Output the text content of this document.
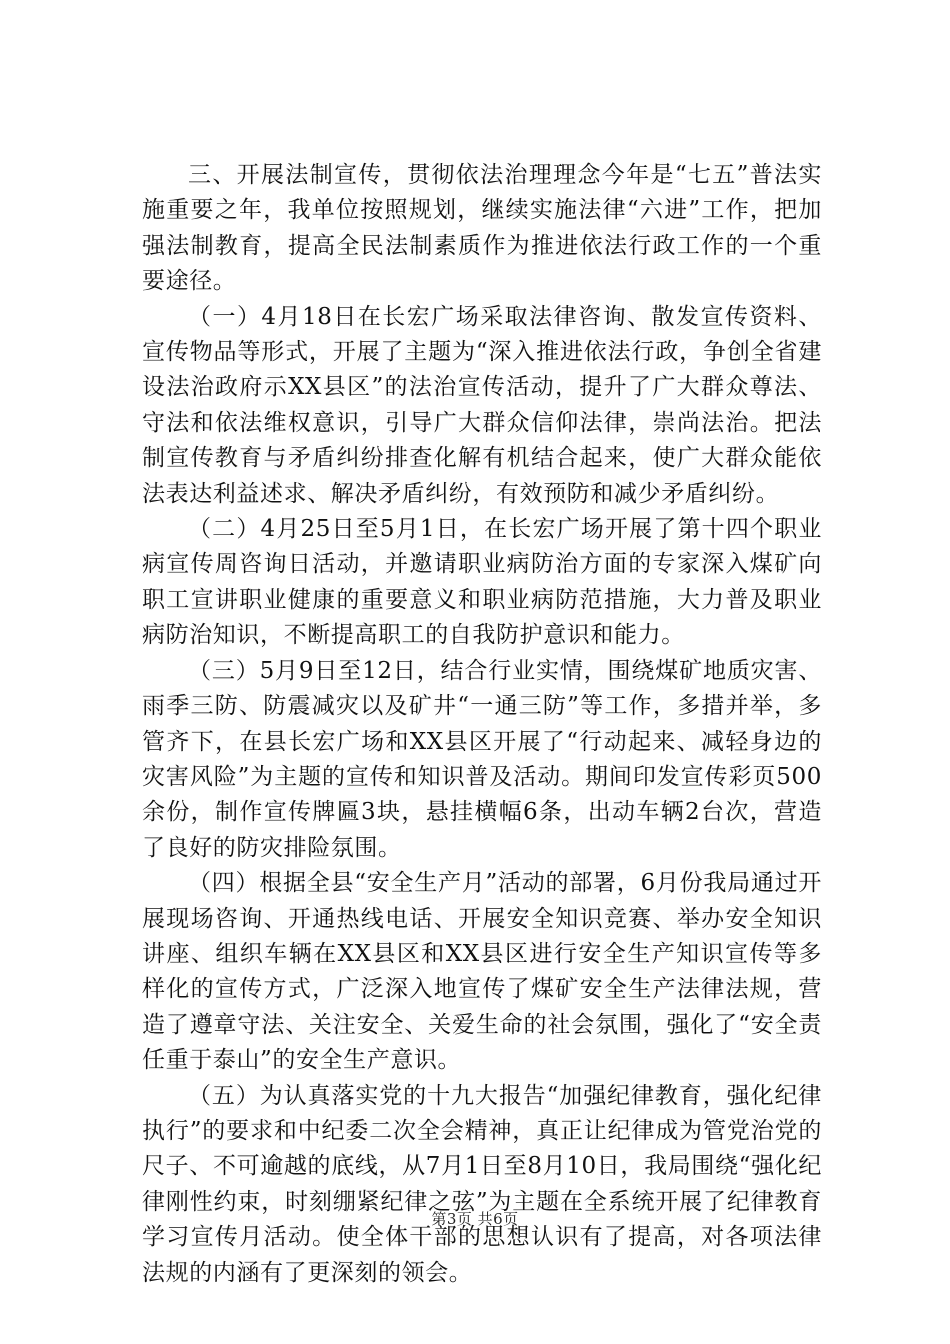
三、开展法制宣传，贯彻依法治理理念今年是“七五”普法实施重要之年，我单位按照规划，继续实施法律“六进”工作，把加强法制教育，提高全民法制素质作为推进依法行政工作的一个重要途径。

（一）4月18日在长宏广场采取法律咨询、散发宣传资料、宣传物品等形式，开展了主题为“深入推进依法行政，争创全省建设法治政府示XX县区”的法治宣传活动，提升了广大群众尊法、守法和依法维权意识，引导广大群众信仰法律，崇尚法治。把法制宣传教育与矛盾纠纷排查化解有机结合起来，使广大群众能依法表达利益述求、解决矛盾纠纷，有效预防和减少矛盾纠纷。

（二）4月25日至5月1日，在长宏广场开展了第十四个职业病宣传周咨询日活动，并邀请职业病防治方面的专家深入煤矿向职工宣讲职业健康的重要意义和职业病防范措施，大力普及职业病防治知识，不断提高职工的自我防护意识和能力。

（三）5月9日至12日，结合行业实情，围绕煤矿地质灾害、雨季三防、防震减灾以及矿井“一通三防”等工作，多措并举，多管齐下，在县长宏广场和XX县区开展了“行动起来、减轻身边的灾害风险”为主题的宣传和知识普及活动。期间印发宣传彩页500余份，制作宣传牌匾3块，悬挂横幅6条，出动车辆2台次，营造了良好的防灾排险氛围。

（四）根据全县“安全生产月”活动的部署，6月份我局通过开展现场咨询、开通热线电话、开展安全知识竞赛、举办安全知识讲座、组织车辆在XX县区和XX县区进行安全生产知识宣传等多样化的宣传方式，广泛深入地宣传了煤矿安全生产法律法规，营造了遵章守法、关注安全、关爱生命的社会氛围，强化了“安全责任重于泰山”的安全生产意识。

（五）为认真落实党的十九大报告“加强纪律教育，强化纪律执行”的要求和中纪委二次全会精神，真正让纪律成为管党治党的尺子、不可逾越的底线，从7月1日至8月10日，我局围绕“强化纪律刚性约束，时刻绷紧纪律之弦”为主题在全系统开展了纪律教育学习宣传月活动。使全体干部的思想认识有了提高，对各项法律法规的内涵有了更深刻的领会。

第3页 共6页
